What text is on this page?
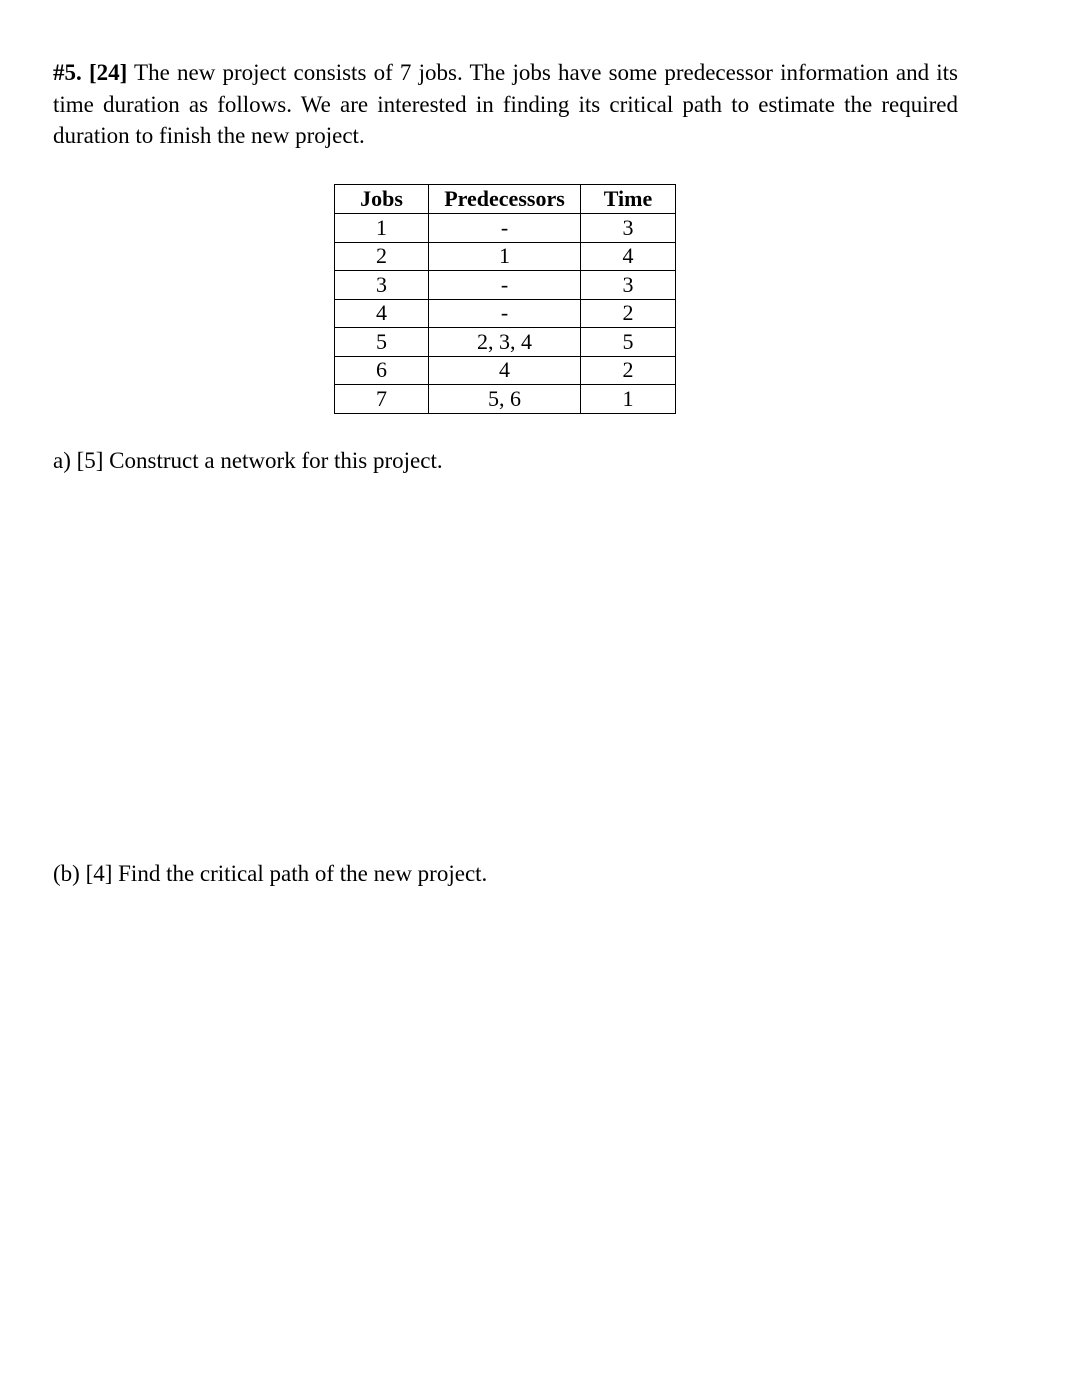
#5. [24] The new project consists of 7 jobs. The jobs have some predecessor information and its time duration as follows. We are interested in finding its critical path to estimate the required duration to finish the new project.
Jobs	Predecessors	Time
1	-	3
2	1	4
3	-	3
4	-	2
5	2, 3, 4	5
6	4	2
7	5, 6	1
a) [5] Construct a network for this project.
(b) [4] Find the critical path of the new project.
